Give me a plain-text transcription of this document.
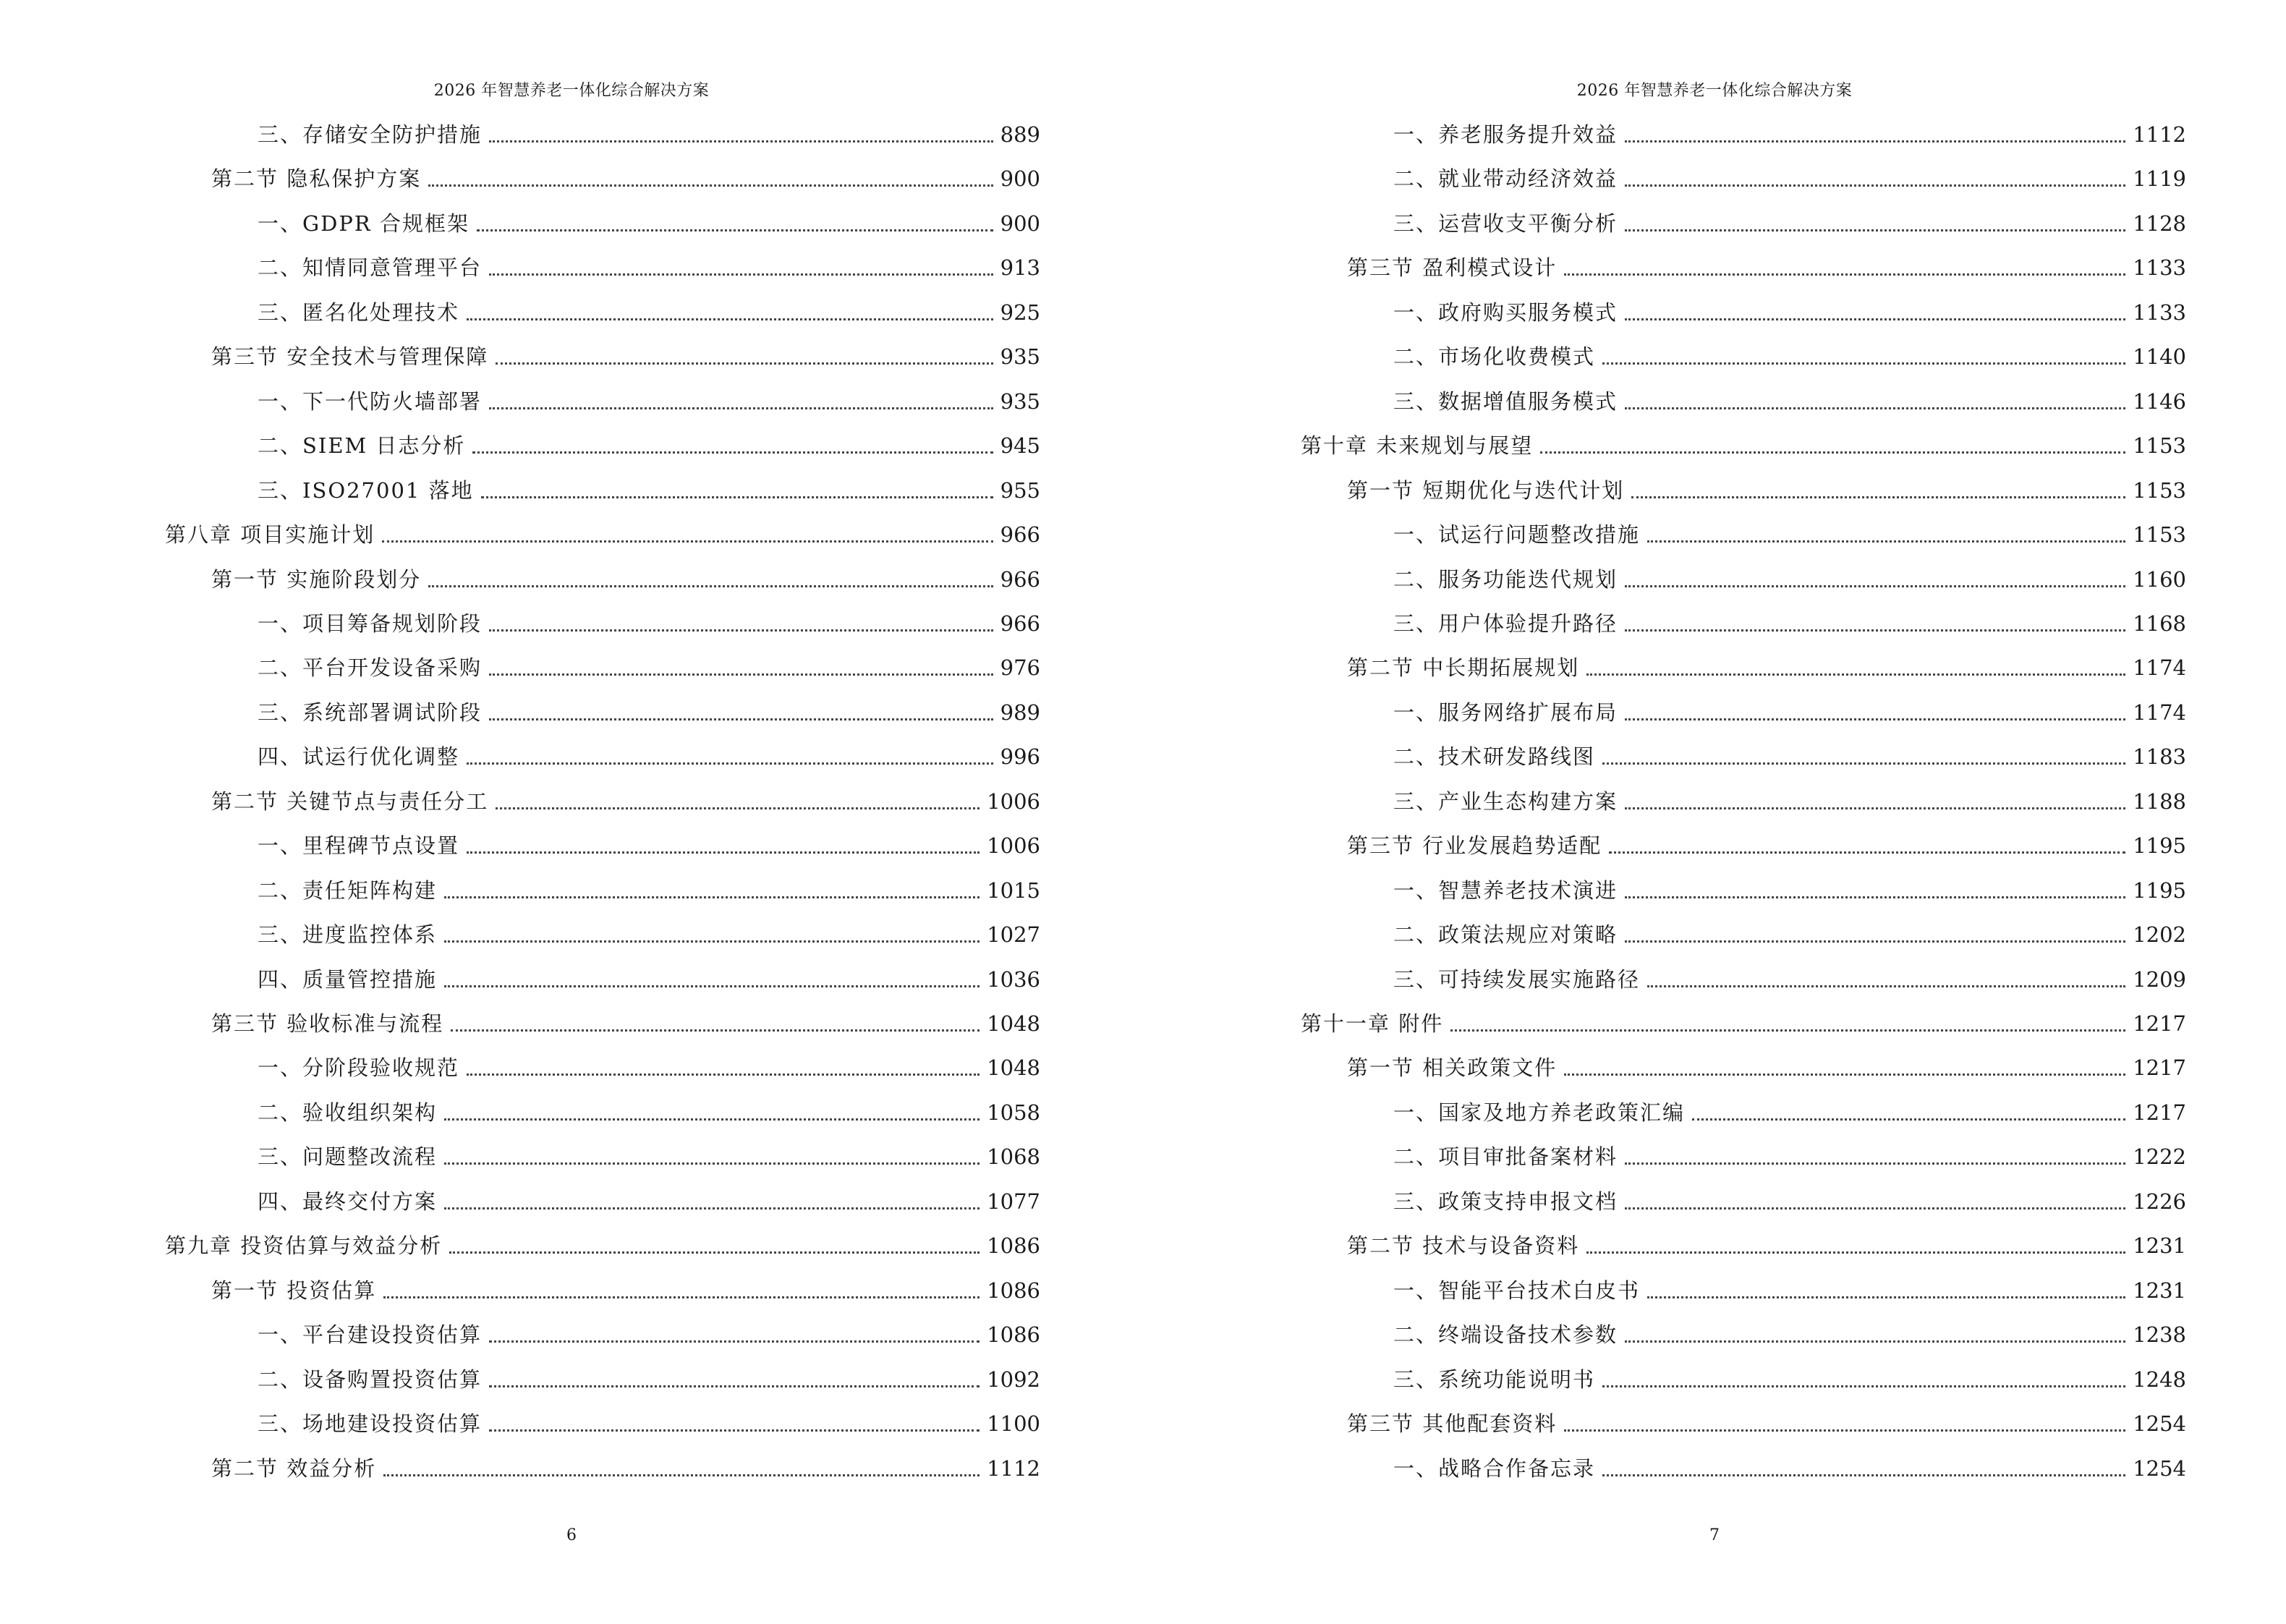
2026 年智慧养老一体化综合解决方案
三、存储安全防护措施	889
第二节 隐私保护方案	900
一、GDPR 合规框架	900
二、知情同意管理平台	913
三、匿名化处理技术	925
第三节 安全技术与管理保障	935
一、下一代防火墙部署	935
二、SIEM 日志分析	945
三、ISO27001 落地	955
第八章 项目实施计划	966
第一节 实施阶段划分	966
一、项目筹备规划阶段	966
二、平台开发设备采购	976
三、系统部署调试阶段	989
四、试运行优化调整	996
第二节 关键节点与责任分工	1006
一、里程碑节点设置	1006
二、责任矩阵构建	1015
三、进度监控体系	1027
四、质量管控措施	1036
第三节 验收标准与流程	1048
一、分阶段验收规范	1048
二、验收组织架构	1058
三、问题整改流程	1068
四、最终交付方案	1077
第九章 投资估算与效益分析	1086
第一节 投资估算	1086
一、平台建设投资估算	1086
二、设备购置投资估算	1092
三、场地建设投资估算	1100
第二节 效益分析	1112
6
2026 年智慧养老一体化综合解决方案
一、养老服务提升效益	1112
二、就业带动经济效益	1119
三、运营收支平衡分析	1128
第三节 盈利模式设计	1133
一、政府购买服务模式	1133
二、市场化收费模式	1140
三、数据增值服务模式	1146
第十章 未来规划与展望	1153
第一节 短期优化与迭代计划	1153
一、试运行问题整改措施	1153
二、服务功能迭代规划	1160
三、用户体验提升路径	1168
第二节 中长期拓展规划	1174
一、服务网络扩展布局	1174
二、技术研发路线图	1183
三、产业生态构建方案	1188
第三节 行业发展趋势适配	1195
一、智慧养老技术演进	1195
二、政策法规应对策略	1202
三、可持续发展实施路径	1209
第十一章 附件	1217
第一节 相关政策文件	1217
一、国家及地方养老政策汇编	1217
二、项目审批备案材料	1222
三、政策支持申报文档	1226
第二节 技术与设备资料	1231
一、智能平台技术白皮书	1231
二、终端设备技术参数	1238
三、系统功能说明书	1248
第三节 其他配套资料	1254
一、战略合作备忘录	1254
7
